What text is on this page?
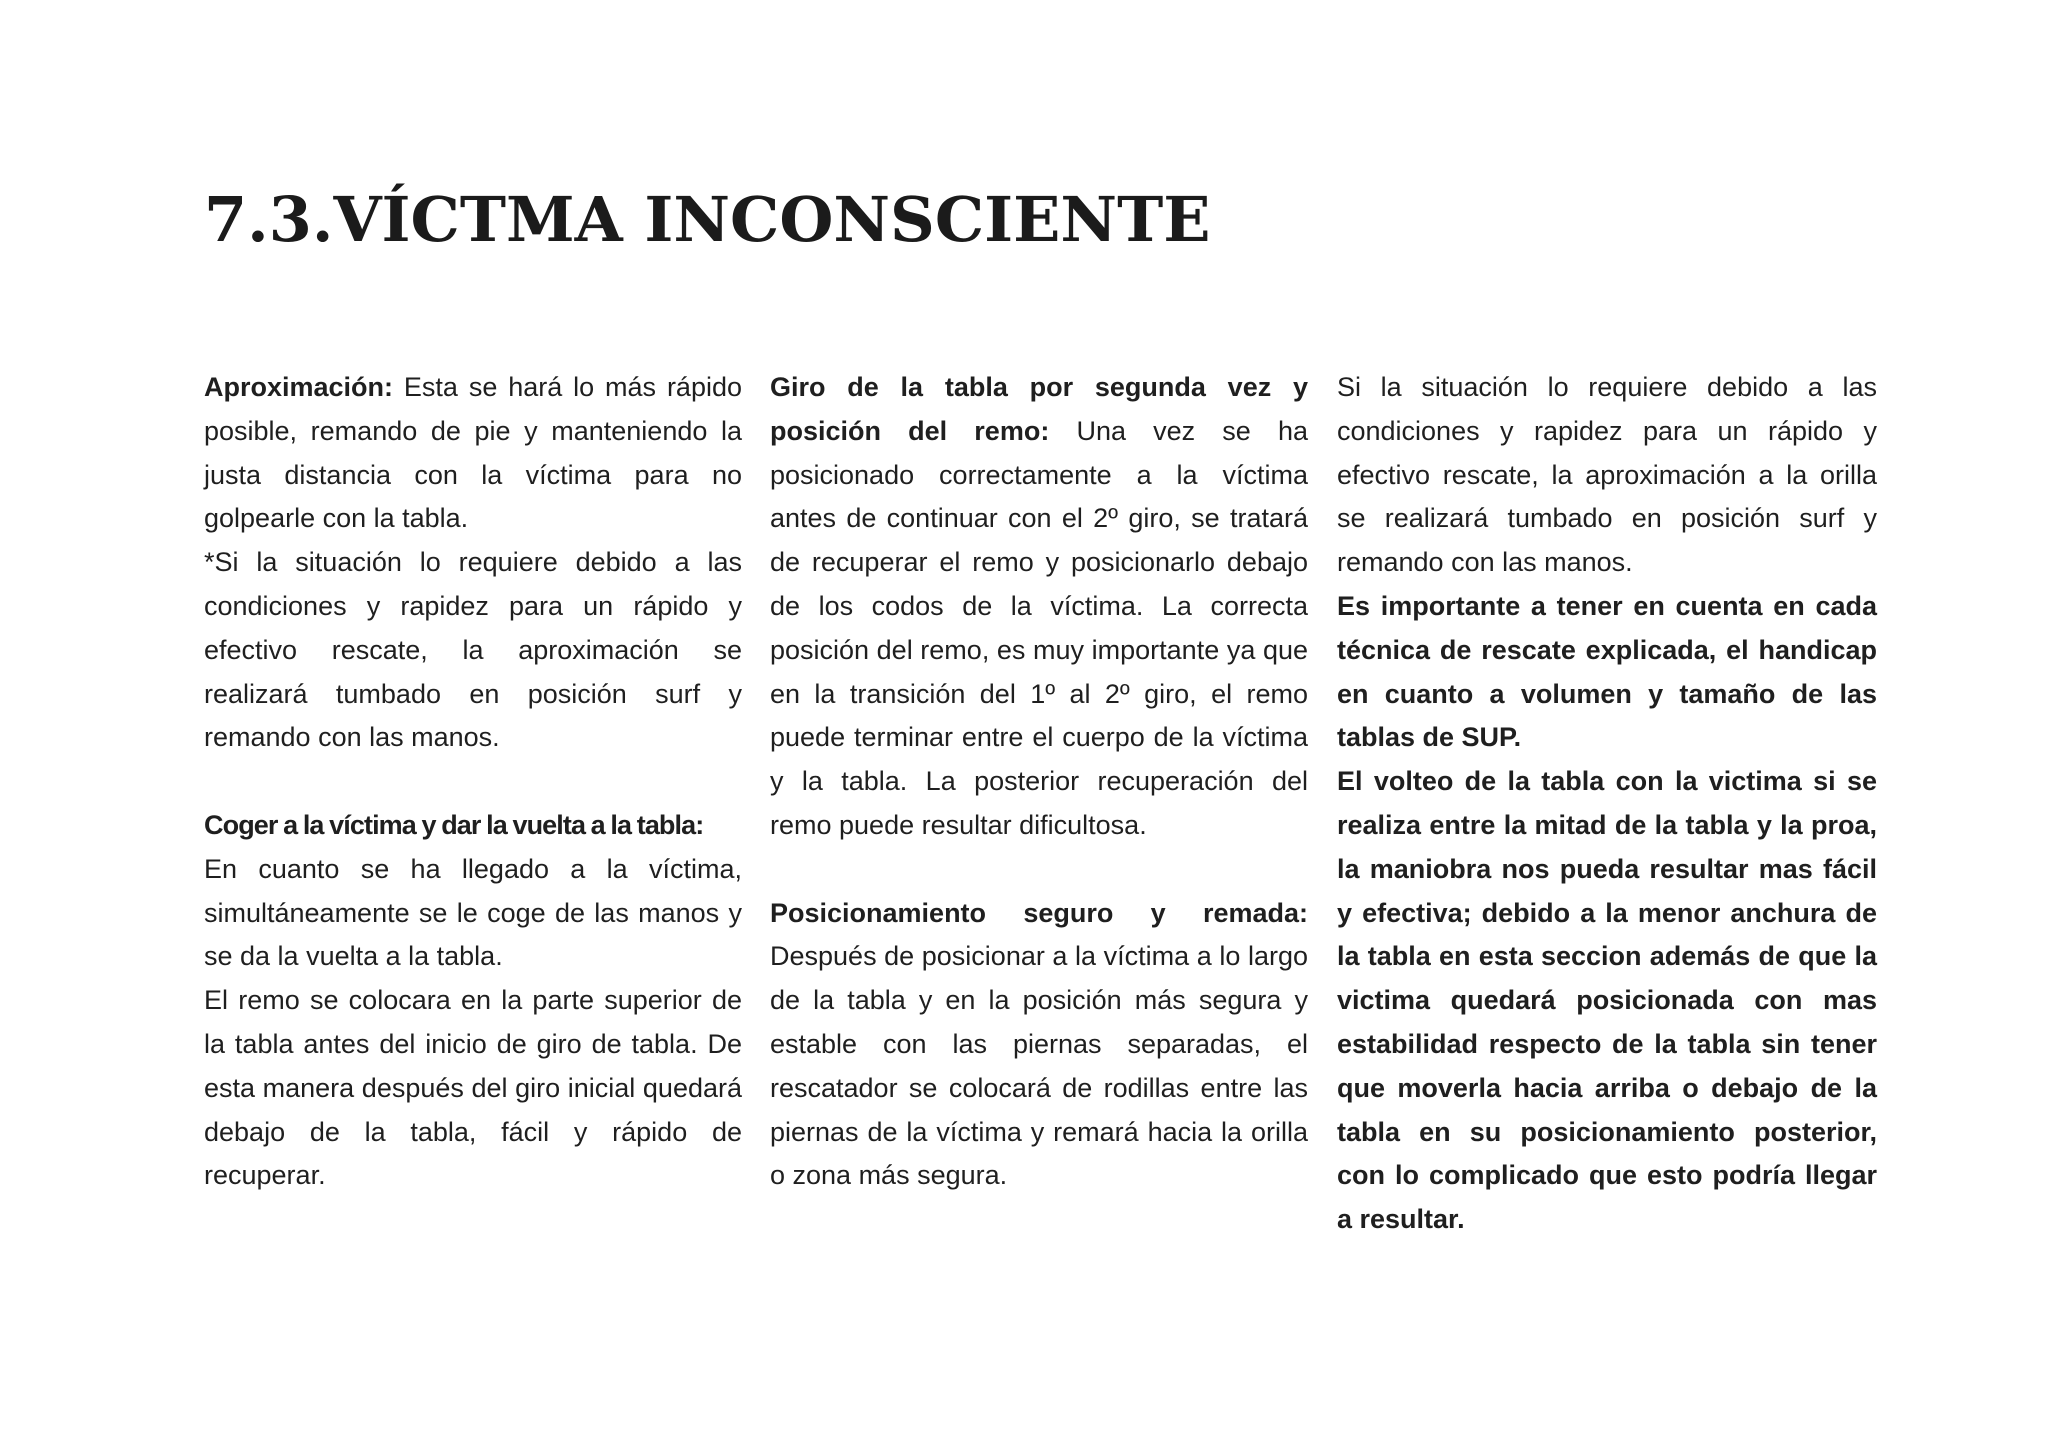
7.3.VÍCTMA INCONSCIENTE

Aproximación: Esta se hará lo más rápido posible, remando de pie y manteniendo la justa distancia con la víctima para no golpearle con la tabla.

*Si la situación lo requiere debido a las condiciones y rapidez para un rápido y efectivo rescate, la aproximación se realizará tumbado en posición surf y remando con las manos.

Coger a la víctima y dar la vuelta a la tabla:

En cuanto se ha llegado a la víctima, simultáneamente se le coge de las manos y se da la vuelta a la tabla.

El remo se colocara en la parte superior de la tabla antes del inicio de giro de tabla. De esta manera después del giro inicial quedará debajo de la tabla, fácil y rápido de recuperar.

Giro de la tabla por segunda vez y posición del remo: Una vez se ha posicionado correctamente a la víctima antes de continuar con el 2º giro, se tratará de recuperar el remo y posicionarlo debajo de los codos de la víctima. La correcta posición del remo, es muy importante ya que en la transición del 1º al 2º giro, el remo puede terminar entre el cuerpo de la víctima y la tabla. La posterior recuperación del remo puede resultar dificultosa.

Posicionamiento seguro y remada: Después de posicionar a la víctima a lo largo de la tabla y en la posición más segura y estable con las piernas separadas, el rescatador se colocará de rodillas entre las piernas de la víctima y remará hacia la orilla o zona más segura.

Si la situación lo requiere debido a las condiciones y rapidez para un rápido y efectivo rescate, la aproximación a la orilla se realizará tumbado en posición surf y remando con las manos.

Es importante a tener en cuenta en cada técnica de rescate explicada, el handicap en cuanto a volumen y tamaño de las tablas de SUP.

El volteo de la tabla con la victima si se realiza entre la mitad de la tabla y la proa, la maniobra nos pueda resultar mas fácil y efectiva; debido a la menor anchura de la tabla en esta seccion además de que la victima quedará posicionada con mas estabilidad respecto de la tabla sin tener que moverla hacia arriba o debajo de la tabla en su posicionamiento posterior, con lo complicado que esto podría llegar a resultar.
